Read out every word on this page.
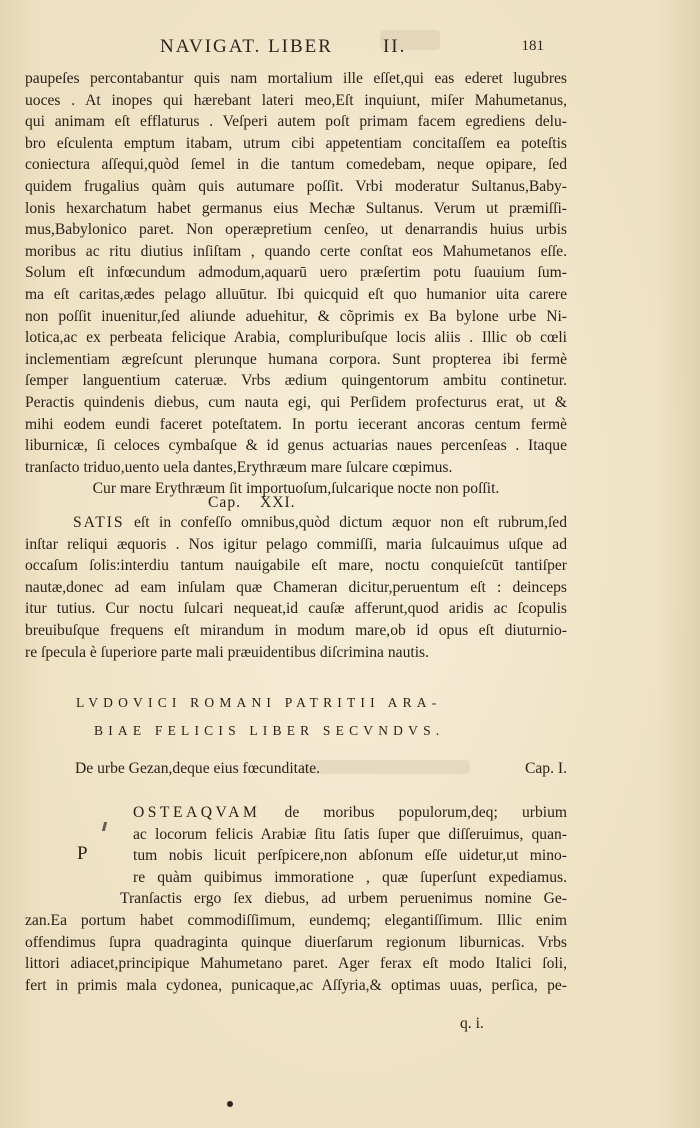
NAVIGAT. LIBER	II.	181
paupeſes percontabantur quis nam mortalium ille eſſet,qui eas ederet lugubres
uoces . At inopes qui hærebant lateri meo,Eſt inquiunt, miſer Mahumetanus,
qui animam eſt efflaturus . Veſperi autem poſt primam facem egrediens delu-
bro eſculenta emptum itabam, utrum cibi appetentiam concitaſſem ea poteſtis
coniectura aſſequi,quòd ſemel in die tantum comedebam, neque opipare, ſed
quidem frugalius quàm quis autumare poſſit. Vrbi moderatur Sultanus,Baby-
lonis hexarchatum habet germanus eius Mechæ Sultanus. Verum ut præmiſſi-
mus,Babylonico paret. Non operæpretium cenſeo, ut denarrandis huius urbis
moribus ac ritu diutius inſiſtam , quando certe conſtat eos Mahumetanos eſſe.
Solum eſt infœcundum admodum,aquarū uero præſertim potu ſuauium ſum-
ma eſt caritas,ædes pelago alluūtur. Ibi quicquid eſt quo humanior uita carere
non poſſit inuenitur,ſed aliunde aduehitur, & cõprimis ex Ba bylone urbe Ni-
lotica,ac ex perbeata felicique Arabia, compluribuſque locis aliis . Illic ob cœli
inclementiam ægreſcunt plerunque humana corpora. Sunt propterea ibi fermè
ſemper languentium cateruæ. Vrbs ædium quingentorum ambitu continetur.
Peractis quindenis diebus, cum nauta egi, qui Perſidem profecturus erat, ut &
mihi eodem eundi faceret poteſtatem. In portu iecerant ancoras centum fermè
liburnicæ, ſi celoces cymbaſque & id genus actuarias naues percenſeas . Itaque
tranſacto triduo,uento uela dantes,Erythræum mare ſulcare cœpimus.
Cur mare Erythræum ſit importuoſum,ſulcarique nocte non poſſit.
Cap. XXI.
SATIS eſt in confeſſo omnibus,quòd dictum æquor non eſt rubrum,ſed
inſtar reliqui æquoris . Nos igitur pelago commiſſi, maria ſulcauimus uſque ad
occaſum ſolis:interdiu tantum nauigabile eſt mare, noctu conquieſcūt tantiſper
nautæ,donec ad eam inſulam quæ Chameran dicitur,peruentum eſt : deinceps
itur tutius. Cur noctu ſulcari nequeat,id cauſæ afferunt,quod aridis ac ſcopulis
breuibuſque frequens eſt mirandum in modum mare,ob id opus eſt diuturnio-
re ſpecula è ſuperiore parte mali præuidentibus diſcrimina nautis.
LVDOVICI ROMANI PATRITII ARA-
BIAE FELICIS LIBER SECVNDVS.
De urbe Gezan,deque eius fœcunditate.	Cap. I.
P
OSTEAQVAM de moribus populorum,deq; urbium
ac locorum felicis Arabiæ ſitu ſatis ſuper que diſſeruimus, quan-
tum nobis licuit perſpicere,non abſonum eſſe uidetur,ut mino-
re quàm quibimus immoratione , quæ ſuperſunt expediamus.
Tranſactis ergo ſex diebus, ad urbem peruenimus nomine Ge-
zan.Ea portum habet commodiſſimum, eundemq; elegantiſſimum. Illic enim
offendimus ſupra quadraginta quinque diuerſarum regionum liburnicas. Vrbs
littori adiacet,principique Mahumetano paret. Ager ferax eſt modo Italici ſoli,
fert in primis mala cydonea, punicaque,ac Aſſyria,& optimas uuas, perſica, pe-
q. i.
